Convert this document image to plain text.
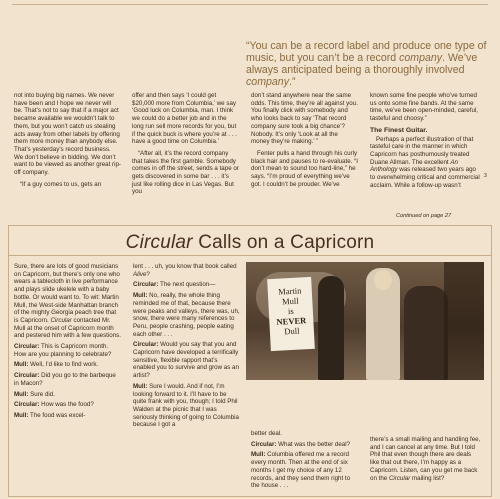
“You can be a record label and produce one type of music, but you can’t be a record company. We’ve always anticipated being a thoroughly involved company.”

not into buying big names. We never have been and I hope we never will be. That’s not to say that if a major act became available we wouldn’t talk to them, but you won’t catch us stealing acts away from other labels by offering them more money than anybody else. That’s yesterday’s record business. We don’t believe in bidding. We don’t want to be viewed as another great rip-off company.

“If a guy comes to us, gets an

offer and then says ‘I could get $20,000 more from Columbia,’ we say ‘Good luck on Columbia, man. I think we could do a better job and in the long run sell more records for you, but if the quick buck is where you’re at . . . have a good time on Columbia.’

“After all, it’s the record company that takes the first gamble. Somebody comes in off the street, sends a tape or gets discovered in some bar . . . it’s just like rolling dice in Las Vegas. But you

don’t stand anywhere near the same odds. This time, they’re all against you. You finally click with somebody and who looks back to say ‘That record company sure took a big chance’? Nobody. It’s only ‘Look at all the money they’re making.’ ”

Fenter pulls a hand through his curly black hair and pauses to re-evaluate. “I don’t mean to sound too hard-line,” he says. “I’m proud of everything we’ve got. I couldn’t be prouder. We’ve

known some fine people who’ve turned us onto some fine bands. At the same time, we’ve been open-minded, careful, tasteful and choosy.”

The Finest Guitar.

Perhaps a perfect illustration of that tasteful care in the manner in which Capricorn has posthumously treated Duane Allman. The excellent An Anthology was released two years ago to overwhelming critical and commercial acclaim. While a follow-up wasn’t

3
Continued on page 27
Circular Calls on a Capricorn

Sure, there are lots of good musicians on Capricorn, but there’s only one who wears a tablecloth in live performance and plays slide ukelele with a baby bottle. Or would want to. To wit: Martin Mull, the West-side Manhattan branch of the mighty Georgia peach tree that is Capricorn. Circular contacted Mr. Mull at the onset of Capricorn month and pestered him with a few questions.

Circular: This is Capricorn month. How are you planning to celebrate?

Mull: Well, I’d like to find work.

Circular: Did you go to the barbeque in Macon?

Mull: Sure did.

Circular: How was the food?

Mull: The food was excel-

lent . . . uh, you know that book called Alive?

Circular: The next question—

Mull: No, really, the whole thing reminded me of that, because there were peaks and valleys, there was, uh, snow, there were many references to Peru, people crashing, people eating each other . . .

Circular: Would you say that you and Capricorn have developed a terrifically sensitive, flexible rapport that’s enabled you to survive and grow as an artist?

Mull: Sure I would. And if not, I’m looking forward to it. I’ll have to be quite frank with you, though; I told Phil Walden at the picnic that I was seriously thinking of going to Columbia because I got a

Martin
Mull
is
NEVER
Dull

better deal.

Circular: What was the better deal?

Mull: Columbia offered me a record every month. Then at the end of six months I get my choice of any 12 records, and they send them right to the house . . .

there’s a small mailing and handling fee, and I can cancel at any time. But I told Phil that even though there are deals like that out there, I’m happy as a Capricorn. Listen, can you get me back on the Circular mailing list?
